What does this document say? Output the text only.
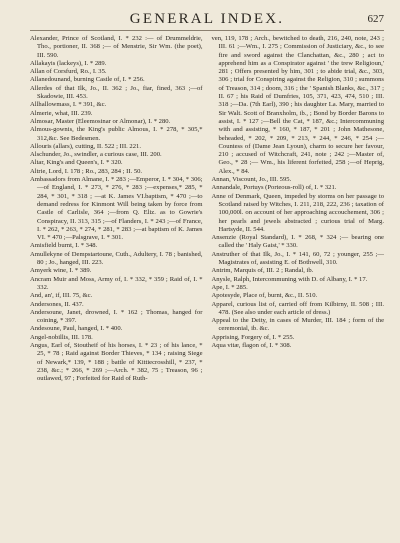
GENERAL INDEX.	627

Alexander, Prince of Scotland, I. * 232 :— of Drummeldrie, Tho., portioner, II. 368 ;— of Menstrie, Sir Wm. (the poet), III. 590.

Allakayis (lackeys), I. * 289.

Allan of Corsfurd, Ro., I. 35.

Allanedounand, burning Castle of, I. * 256.

Allerdes of that Ilk, Jo., II. 362 ; Jo., fiar, fined, 363 ;—of Skadowie, III. 453.

Allhallowmass, I. * 391, &c.

Almerie, what, III. 239.

Almosar, Master (Eleemosinar or Almonar), I. * 280.

Almous-gownis, the King's public Almous, I. * 278, * 305,* 312,&c. See Bedesmen.

Allouris (allars), cutting, II. 522 ; III. 221.

Alschunder, Jo., swindler, a curious case, III. 200.

Altar, King's and Queen's, I. * 320.

Altrie, Lord, I. 178 ; Ro., 283, 284 ; II. 50.

Ambassadors from Almane, I. * 283 ;—Emperor, I. * 304, * 306;—of England, I. * 273, * 276, * 283 ;—expenses,* 285, * 284, * 301, * 318 ; —at K. James VI.baptism, * 470 ;—to demand redress for Kinmont Will being taken by force from Castle of Carlisle, 364 ;—from Q. Eliz. as to Gowrie's Conspiracy, II. 313, 315 ;—of Flanders, I. * 243 ;—of France, I. * 262, * 263, * 274, * 281, * 283 ;—at baptism of K. James VI. * 470 ;—Palsgrave, I. * 301.

Amisfield burnt, I. * 348.

Amullekyne of Dempstartoune, Cuth., Adultery, I. 78 ; banished, 80 ; Jo., hanged, III. 223.

Amyerk wine, I. * 389.

Ancram Muir and Moss, Army of, I. * 332, * 359 ; Raid of, I. * 332.

And, an', if, III. 75, &c.

Andersones, II. 437.

Andersoune, Janet, drowned, I. * 162 ; Thomas, hanged for coining, * 397.

Andesoune, Paul, hanged, I. * 400.

Angel-nobillis, III. 178.

Angus, Earl of, Stoutheif of his horses, I. * 23 ; of his lance, * 25, * 78 ; Raid against Border Thieves, * 134 ; raising Siege of Newark,* 139, * 188 ; battle of Kittiecrosshill, * 237, * 238, &c.; * 266, * 269 ;—Arch. * 382, 75 ; Treason, 96 ; outlawed, 97 ; Forfeited for Raid of Ruth-

ven, 119, 178 ; Arch., bewitched to death, 216, 240, note, 243 ; III. 61 ;—Wm., I. 275 ; Commission of Justiciary, &c., to see fire and sword against the Clanchattan, &c., 280 ; act to apprehend him as a Conspirator against ' the trew Religioun,' 281 ; Offers presented by him, 301 ; to abide trial, &c., 303, 306 ; trial for Conspiring against the Religion, 310 ; summons of Treason, 314 ; doom, 316 ; the ' Spanish Blanks, &c., 317 ; II. 67 ; his Raid of Dumfries, 105, 371, 423, 474, 510 ; III. 318 ;—Da. (7th Earl), 390 ; his daughter La. Mary, married to Sir Walt. Scott of Branxholm, ib., ; Bond by Border Barons to assist, I. * 127 ;—Bell the Cat, * 187, &c.; Intercommuning with and assisting, * 160, * 187, * 201 ; John Mathesone, beheaded, * 202, * 209, * 213, * 244, * 246, * 254 ;—Countess of (Dame Jean Lyoun), charm to secure her favour, 210 ; accused of Witchcraft, 241, note ; 242 ;—Master of, Geo., * 28 ;— Wm., his liferent forfeited, 258 ;—of Heprig, Alex., * 84.

Annan, Viscount, Jo., III. 595.

Annandale, Portuys (Porteous-roll) of, I. * 321.

Anne of Denmark, Queen, impeded by storms on her passage to Scotland raised by Witches, I. 211, 218, 222, 236 ; taxation of 100,000l. on account of her approaching accouchement, 306 ; her pearls and jewels abstracted ; curious trial of Marg. Hartsyde, II. 544.

Ansenzie (Royal Standard), I. * 268, * 324 ;— bearing one called the ' Haly Gaist,' * 330.

Anstruther of that Ilk, Jo., I. * 141, 60, 72 ; younger, 255 ;—Magistrates of, assisting E. of Bothwell, 310.

Antrim, Marquis of, III. 2 ; Randal, ib.

Anysle, Ralph, Intercommuning with D. of Albany, I. * 17.

Ape, I. * 285.

Apotesyde, Place of, burnt, &c., II. 510.

Apparel, curious list of, carried off from Kilbirny, II. 508 ; III. 478. (See also under each article of dress.)

Appeal to the Deity, in cases of Murder, III. 184 ; form of the ceremonial, ib. &c.

Apprising, Forgery of, I. * 255.

Aqua vitæ, flagon of, I. * 308.
